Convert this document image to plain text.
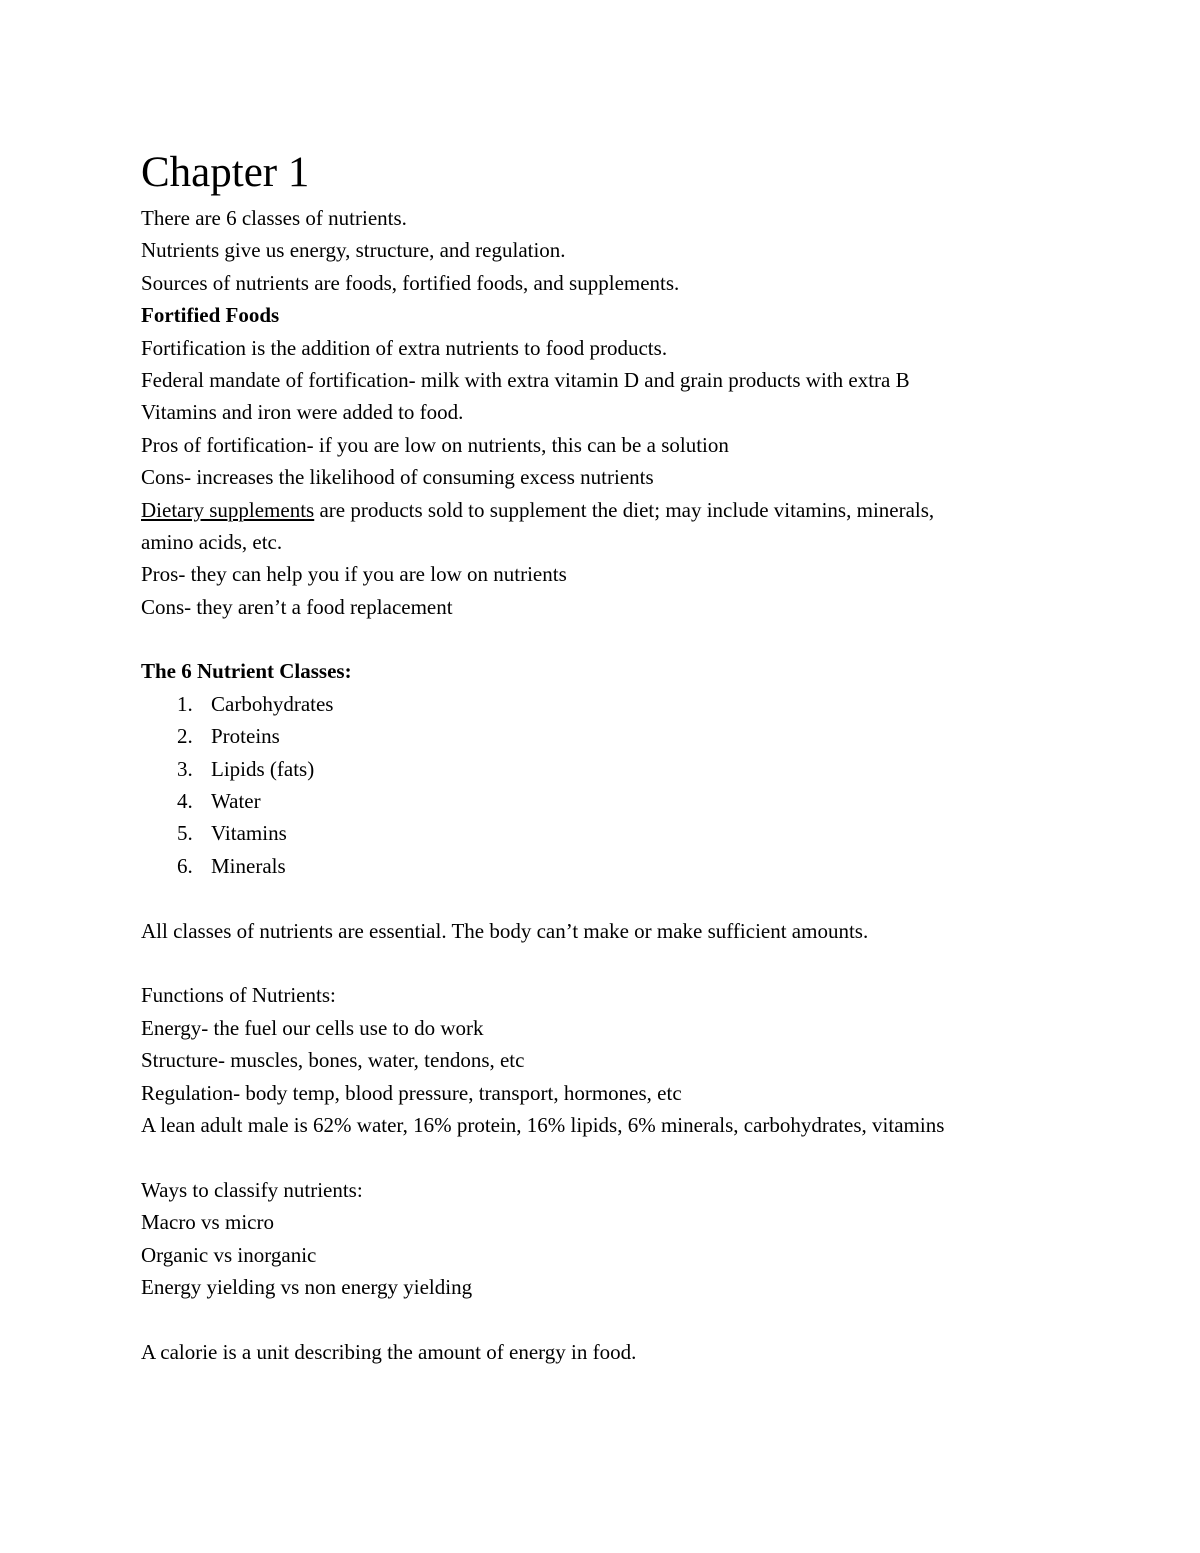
Chapter 1

There are 6 classes of nutrients.

Nutrients give us energy, structure, and regulation.

Sources of nutrients are foods, fortified foods, and supplements.

Fortified Foods

Fortification is the addition of extra nutrients to food products.

Federal mandate of fortification- milk with extra vitamin D and grain products with extra B

Vitamins and iron were added to food.

Pros of fortification- if you are low on nutrients, this can be a solution

Cons- increases the likelihood of consuming excess nutrients

Dietary supplements are products sold to supplement the diet; may include vitamins, minerals,

amino acids, etc.

Pros- they can help you if you are low on nutrients

Cons- they aren’t a food replacement

The 6 Nutrient Classes:

1. Carbohydrates
2. Proteins
3. Lipids (fats)
4. Water
5. Vitamins
6. Minerals

All classes of nutrients are essential. The body can’t make or make sufficient amounts.

Functions of Nutrients:

Energy- the fuel our cells use to do work

Structure- muscles, bones, water, tendons, etc

Regulation- body temp, blood pressure, transport, hormones, etc

A lean adult male is 62% water, 16% protein, 16% lipids, 6% minerals, carbohydrates, vitamins

Ways to classify nutrients:

Macro vs micro

Organic vs inorganic

Energy yielding vs non energy yielding

A calorie is a unit describing the amount of energy in food.
